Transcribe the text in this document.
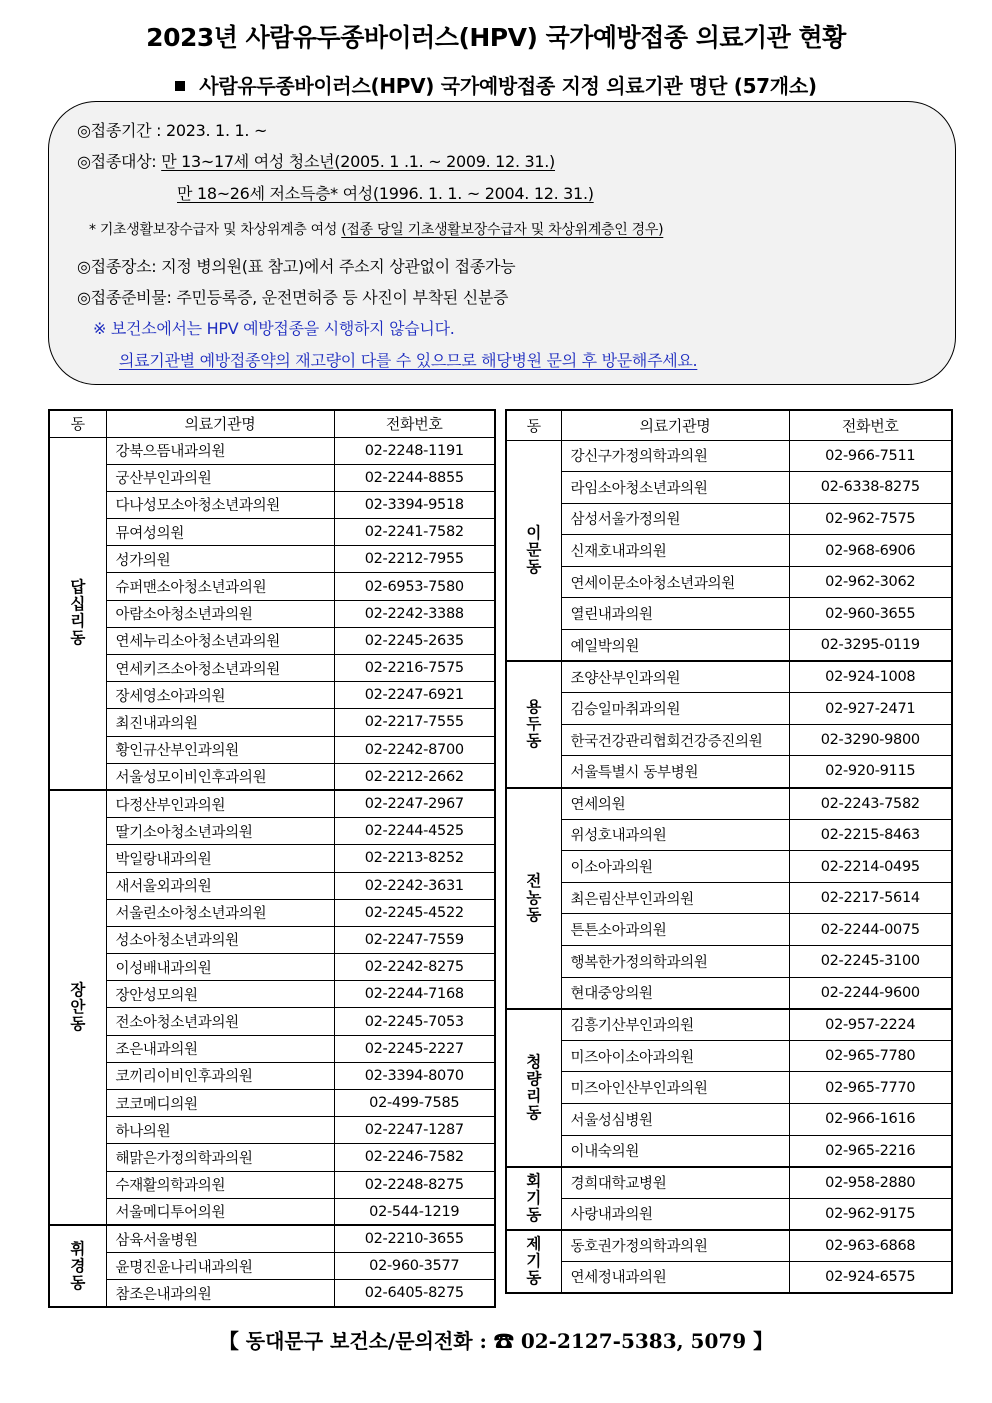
2023년 사람유두종바이러스(HPV) 국가예방접종 의료기관 현황
사람유두종바이러스(HPV) 국가예방접종 지정 의료기관 명단 (57개소)
◎접종기간 : 2023. 1. 1. ~
◎접종대상: 만 13~17세 여성 청소년(2005. 1 .1. ~ 2009. 12. 31.)
만 18~26세 저소득층* 여성(1996. 1. 1. ~ 2004. 12. 31.)
* 기초생활보장수급자 및 차상위계층 여성 (접종 당일 기초생활보장수급자 및 차상위계층인 경우)
◎접종장소: 지정 병의원(표 참고)에서 주소지 상관없이 접종가능
◎접종준비물: 주민등록증, 운전면허증 등 사진이 부착된 신분증
※ 보건소에서는 HPV 예방접종을 시행하지 않습니다.
의료기관별 예방접종약의 재고량이 다를 수 있으므로 해당병원 문의 후 방문해주세요.
동	의료기관명	전화번호
답
십
리
동	강북으뜸내과의원	02-2248-1191
	궁산부인과의원	02-2244-8855
	다나성모소아청소년과의원	02-3394-9518
	뮤여성의원	02-2241-7582
	성가의원	02-2212-7955
	슈퍼맨소아청소년과의원	02-6953-7580
	아람소아청소년과의원	02-2242-3388
	연세누리소아청소년과의원	02-2245-2635
	연세키즈소아청소년과의원	02-2216-7575
	장세영소아과의원	02-2247-6921
	최진내과의원	02-2217-7555
	황인규산부인과의원	02-2242-8700
	서울성모이비인후과의원	02-2212-2662
장
안
동	다정산부인과의원	02-2247-2967
	딸기소아청소년과의원	02-2244-4525
	박일랑내과의원	02-2213-8252
	새서울외과의원	02-2242-3631
	서울린소아청소년과의원	02-2245-4522
	성소아청소년과의원	02-2247-7559
	이성배내과의원	02-2242-8275
	장안성모의원	02-2244-7168
	전소아청소년과의원	02-2245-7053
	조은내과의원	02-2245-2227
	코끼리이비인후과의원	02-3394-8070
	코코메디의원	02-499-7585
	하나의원	02-2247-1287
	해맑은가정의학과의원	02-2246-7582
	수재활의학과의원	02-2248-8275
	서울메디투어의원	02-544-1219
휘
경
동	삼육서울병원	02-2210-3655
	윤명진윤나리내과의원	02-960-3577
	참조은내과의원	02-6405-8275
동	의료기관명	전화번호
이
문
동	강신구가정의학과의원	02-966-7511
	라임소아청소년과의원	02-6338-8275
	삼성서울가정의원	02-962-7575
	신재호내과의원	02-968-6906
	연세이문소아청소년과의원	02-962-3062
	열린내과의원	02-960-3655
	예일박의원	02-3295-0119
용
두
동	조양산부인과의원	02-924-1008
	김승일마취과의원	02-927-2471
	한국건강관리협회건강증진의원	02-3290-9800
	서울특별시 동부병원	02-920-9115
전
농
동	연세의원	02-2243-7582
	위성호내과의원	02-2215-8463
	이소아과의원	02-2214-0495
	최은림산부인과의원	02-2217-5614
	튼튼소아과의원	02-2244-0075
	행복한가정의학과의원	02-2245-3100
	현대중앙의원	02-2244-9600
청
량
리
동	김흥기산부인과의원	02-957-2224
	미즈아이소아과의원	02-965-7780
	미즈아인산부인과의원	02-965-7770
	서울성심병원	02-966-1616
	이내숙의원	02-965-2216
회
기
동	경희대학교병원	02-958-2880
	사랑내과의원	02-962-9175
제
기
동	동호권가정의학과의원	02-963-6868
	연세정내과의원	02-924-6575
【 동대문구 보건소/문의전화 : ☎ 02-2127-5383, 5079 】
